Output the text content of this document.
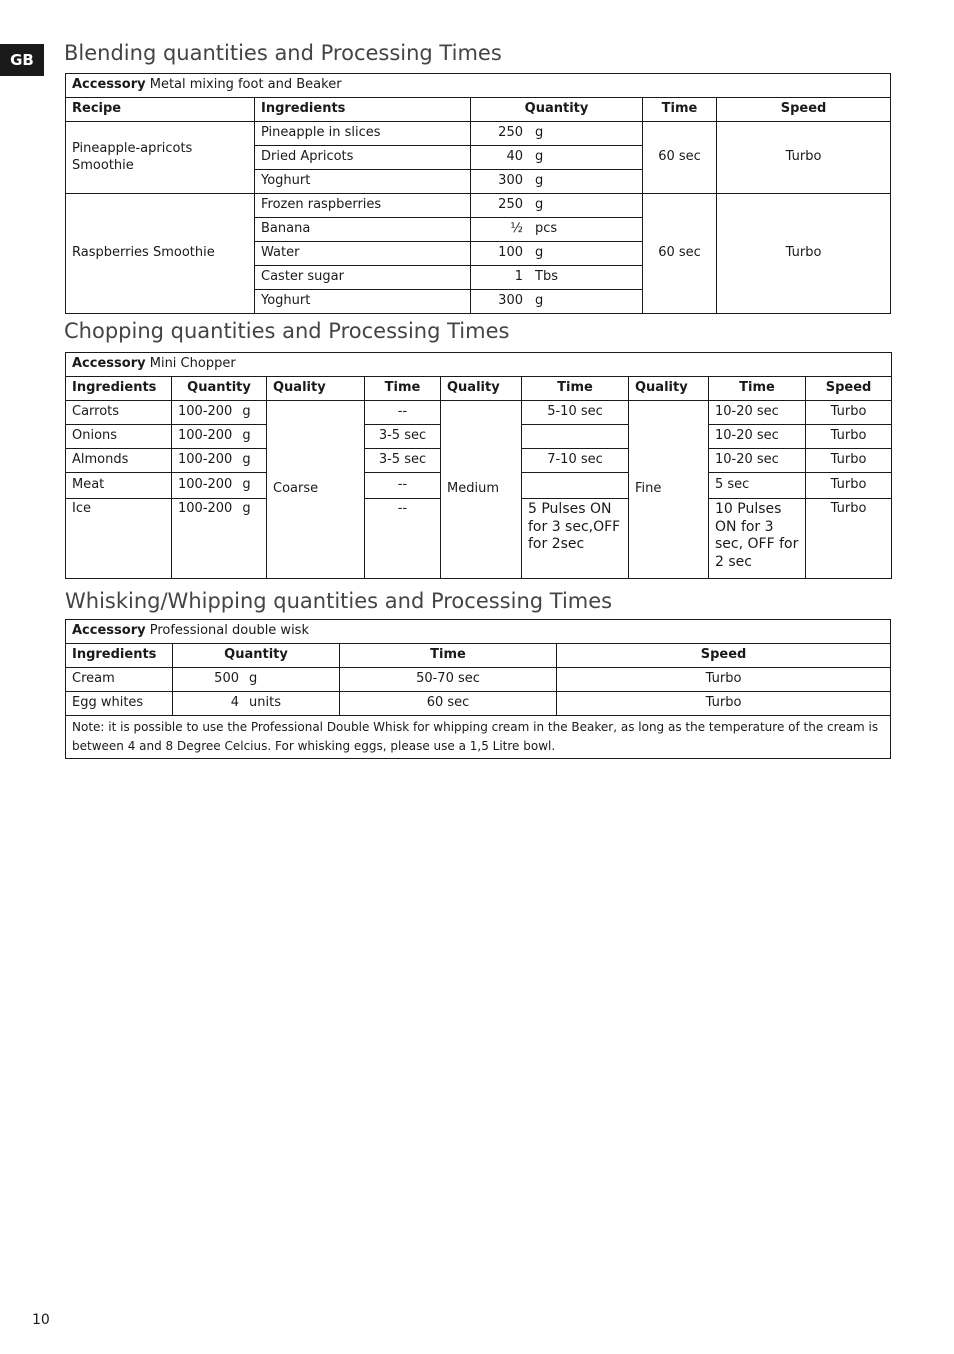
GB	Blending quantities and Processing Times
Accessory Metal mixing foot and Beaker				
Recipe	Ingredients	Quantity	Time	Speed
Pineapple-apricots Smoothie	Pineapple in slices	250 g	60 sec	Turbo
	Dried Apricots	40 g		

	Yoghurt	300 g		

Raspberries Smoothie	Frozen raspberries	250 g	60 sec	Turbo
	Banana	½ pcs		

	Water	100 g		

	Caster sugar	1 Tbs		

	Yoghurt	300 g		
Chopping quantities and Processing Times
Accessory Mini Chopper								
Ingredients	Quantity	Quality	Time	Quality	Time	Quality	Time	Speed
Carrots	100-200 g	Coarse	--	Medium	5-10 sec	Fine	10-20 sec	Turbo
Onions	100-200 g		3-5 sec				10-20 sec	Turbo
Almonds	100-200 g		3-5 sec		7-10 sec		10-20 sec	Turbo
Meat	100-200 g		--				5 sec	Turbo
Ice	100-200 g		--		5 Pulses ON for 3 sec,OFF for 2sec		10 Pulses ON for 3 sec, OFF for 2 sec	Turbo
Whisking/Whipping quantities and Processing Times
Accessory Professional double wisk			
Ingredients	Quantity	Time	Speed
Cream	500 g	50-70 sec	Turbo
Egg whites	4 units	60 sec	Turbo
Note: it is possible to use the Professional Double Whisk for whipping cream in the Beaker, as long as the temperature of the cream is between 4 and 8 Degree Celcius. For whisking eggs, please use a 1,5 Litre bowl.			
10
